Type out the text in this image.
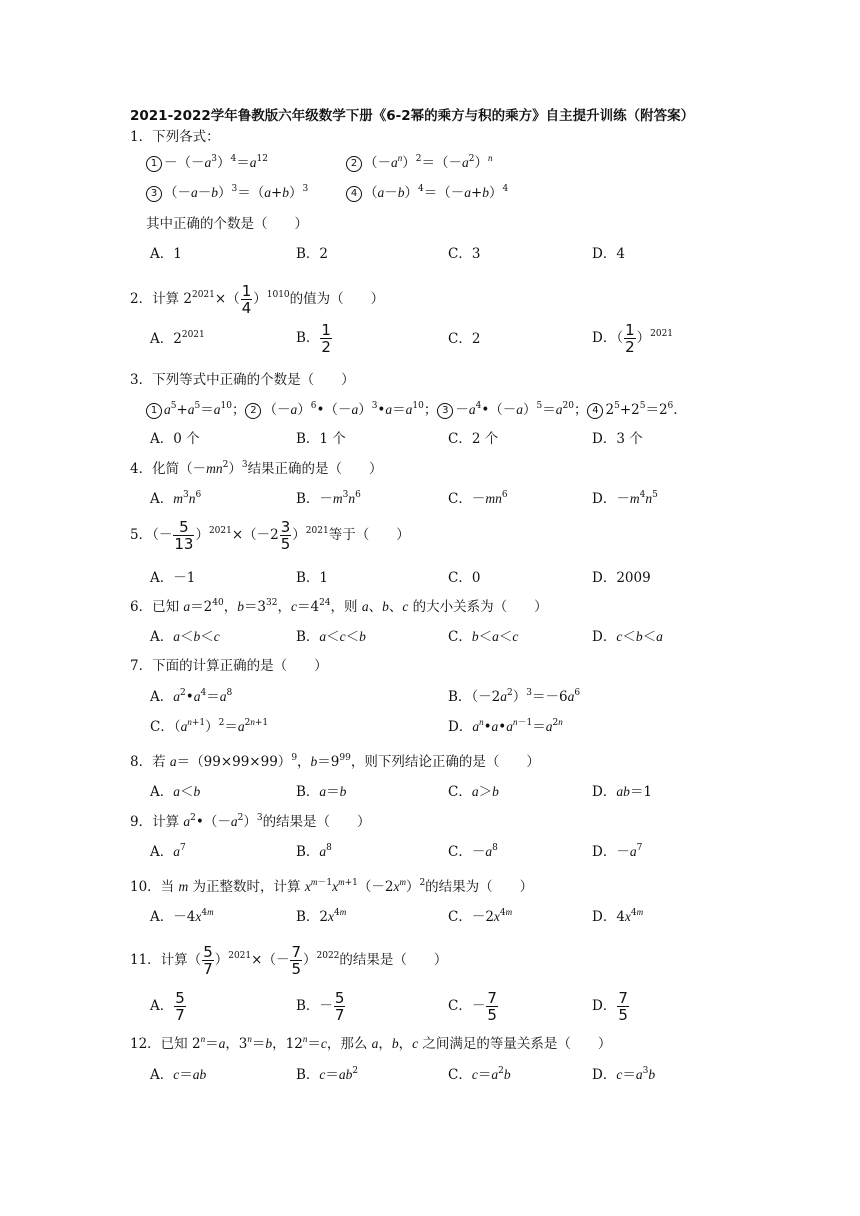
2021-2022学年鲁教版六年级数学下册《6-2幂的乘方与积的乘方》自主提升训练（附答案）
1．下列各式：
$1 -(-a^3)^4=a^{12}$	2 $(-a^n)^2=(-a^2)^n$
3 $(-a-b)^3=(a+b)^3$	4 $(a-b)^4=(-a+b)^4$
其中正确的个数是（　　）
A．1	B．2	C．3	D．4
2．计算 $2^{2021}\times( \frac{1}{4} )^{1010}$的值为（　　）
A．$2^{2021}$	B． $\frac{1}{2}$	C．2	D．（ $\frac{1}{2} )^{2021}$
3．下列等式中正确的个数是（　　）
1 $a^5+a^5=a^{10}$； 2 $(-a)^6•(-a)^3•a=a^{10}$； $3 -a^4•(-a)^5=a^{20}$； 4 $2^5+2^5=2^6$.
A．0 个	B．1 个	C．2 个	D．3 个
4．化简$(-mn^2)^3$结果正确的是（　　）
A．$m^3n^6$	B．$-m^3n^6$	C．$-mn^6$	D．$-m^4n^5$
5．（－ $\frac{5}{13} )^{2021}\times(-2 \frac{3}{5} )^{2021}$等于（　　）
A．－1	B．1	C．0	D．2009
6．已知 $a=2^{40}$，$b=3^{32}$，$c=4^{24}$，则 a、b、c 的大小关系为（　　）
A．a＜b＜c	B．a＜c＜b	C．b＜a＜c	D．c＜b＜a
7．下面的计算正确的是（　　）
A．$a^2•a^4=a^8$	B．$(-2a^2)^3=-6a^6$
C．$(a^{n+1})^2=a^{2n+1}$	D．$a^n•a•a^{n-1}=a^{2n}$
8．若 $a=(99\times 99\times 99)^9$，$b=9^{99}$，则下列结论正确的是（　　）
A．a＜b	B．a＝b	C．a＞b	D．ab＝1
9．计算 $a^2•(-a^2)^3$的结果是（　　）
A．$a^7$	B．$a^8$	C．$-a^8$	D．$-a^7$
10．当 m 为正整数时，计算 $x^{m-1}x^{m+1}(-2x^m)^2$的结果为（　　）
A．$-4x^{4m}$	B．$2x^{4m}$	C．$-2x^{4m}$	D．$4x^{4m}$
11．计算（ $\frac{5}{7} )^{2021}\times(- \frac{7}{5} )^{2022}$的结果是（　　）
A． $\frac{5}{7}$	B．－ $\frac{5}{7}$	C．－ $\frac{7}{5}$	D． $\frac{7}{5}$
12．已知 $2^n=a$，$3^n=b$，$12^n=c$，那么 a，b，c 之间满足的等量关系是（　　）
A．c＝ab	B．$c=ab^2$	C．$c=a^2b$	D．$c=a^3b$
